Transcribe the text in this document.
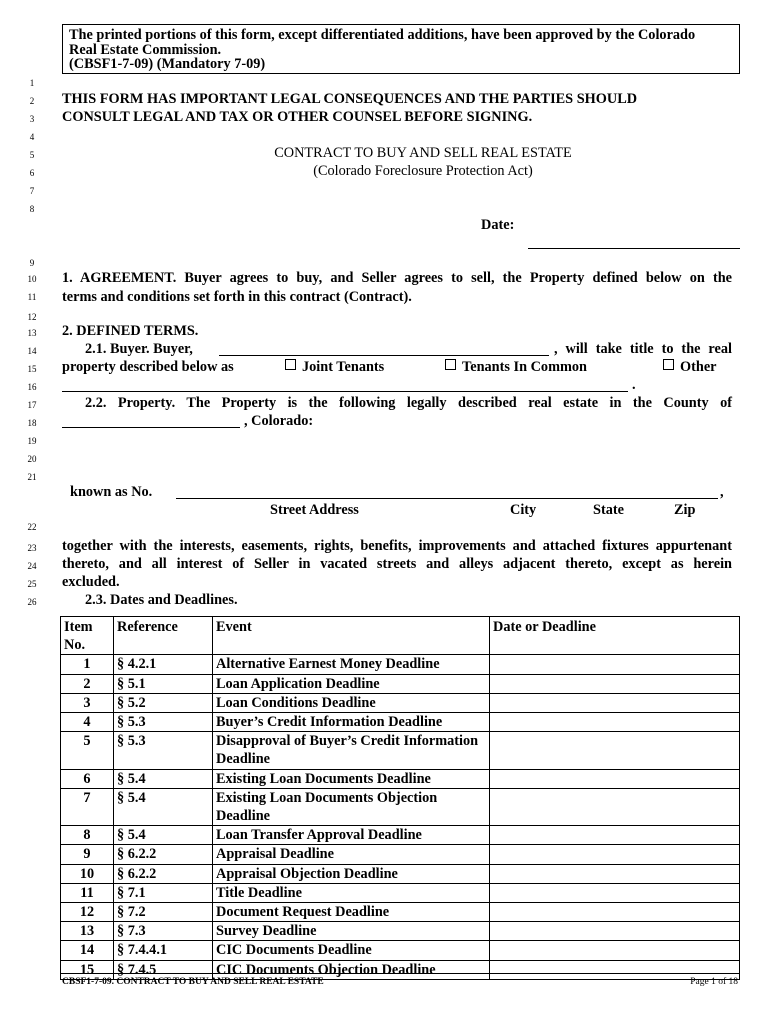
The printed portions of this form, except differentiated additions, have been approved by the Colorado
Real Estate Commission.
(CBSF1-7-09) (Mandatory 7-09)
1
2
3
4
5
6
7
8
9
10
11
12
13
14
15
16
17
18
19
20
21
22
23
24
25
26
THIS FORM HAS IMPORTANT LEGAL CONSEQUENCES AND THE PARTIES SHOULD
CONSULT LEGAL AND TAX OR OTHER COUNSEL BEFORE SIGNING.
CONTRACT TO BUY AND SELL REAL ESTATE
(Colorado Foreclosure Protection Act)
Date:
1. AGREEMENT. Buyer agrees to buy, and Seller agrees to sell, the Property defined below on the
terms and conditions set forth in this contract (Contract).
2. DEFINED TERMS.
2.1. Buyer. Buyer,	, will take title to the real
property described below as	Joint Tenants	Tenants In Common	Other
.
2.2. Property. The Property is the following legally described real estate in the County of
, Colorado:
known as No.	,
Street Address	City	State	Zip
together with the interests, easements, rights, benefits, improvements and attached fixtures appurtenant
thereto, and all interest of Seller in vacated streets and alleys adjacent thereto, except as herein
excluded.
2.3. Dates and Deadlines.
Item No.	Reference	Event	Date or Deadline
1	§ 4.2.1	Alternative Earnest Money Deadline	
2	§ 5.1	Loan Application Deadline	
3	§ 5.2	Loan Conditions Deadline	
4	§ 5.3	Buyer’s Credit Information Deadline	
5	§ 5.3	Disapproval of Buyer’s Credit Information Deadline	
6	§ 5.4	Existing Loan Documents Deadline	
7	§ 5.4	Existing Loan Documents Objection Deadline	
8	§ 5.4	Loan Transfer Approval Deadline	
9	§ 6.2.2	Appraisal Deadline	
10	§ 6.2.2	Appraisal Objection Deadline	
11	§ 7.1	Title Deadline	
12	§ 7.2	Document Request Deadline	
13	§ 7.3	Survey Deadline	
14	§ 7.4.4.1	CIC Documents Deadline	
15	§ 7.4.5	CIC Documents Objection Deadline	
CBSF1-7-09. CONTRACT TO BUY AND SELL REAL ESTATE	Page 1 of 18
